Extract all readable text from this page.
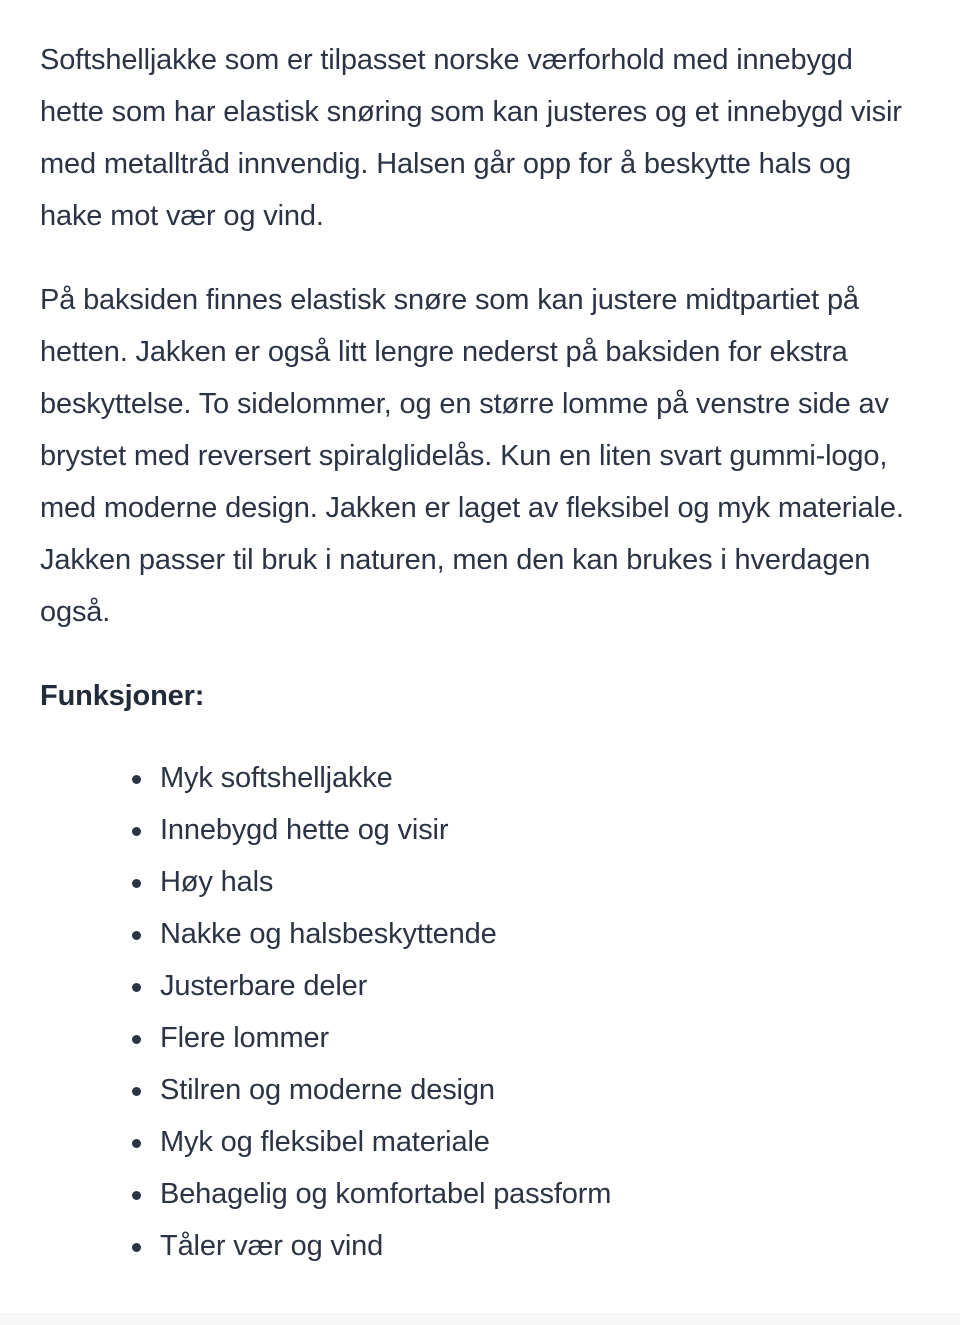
Softshelljakke som er tilpasset norske værforhold med innebygd hette som har elastisk snøring som kan justeres og et innebygd visir med metalltråd innvendig. Halsen går opp for å beskytte hals og hake mot vær og vind.

På baksiden finnes elastisk snøre som kan justere midtpartiet på hetten. Jakken er også litt lengre nederst på baksiden for ekstra beskyttelse. To sidelommer, og en større lomme på venstre side av brystet med reversert spiralglidelås. Kun en liten svart gummi-logo, med moderne design. Jakken er laget av fleksibel og myk materiale. Jakken passer til bruk i naturen, men den kan brukes i hverdagen også.

Funksjoner:

Myk softshelljakke
Innebygd hette og visir
Høy hals
Nakke og halsbeskyttende
Justerbare deler
Flere lommer
Stilren og moderne design
Myk og fleksibel materiale
Behagelig og komfortabel passform
Tåler vær og vind
